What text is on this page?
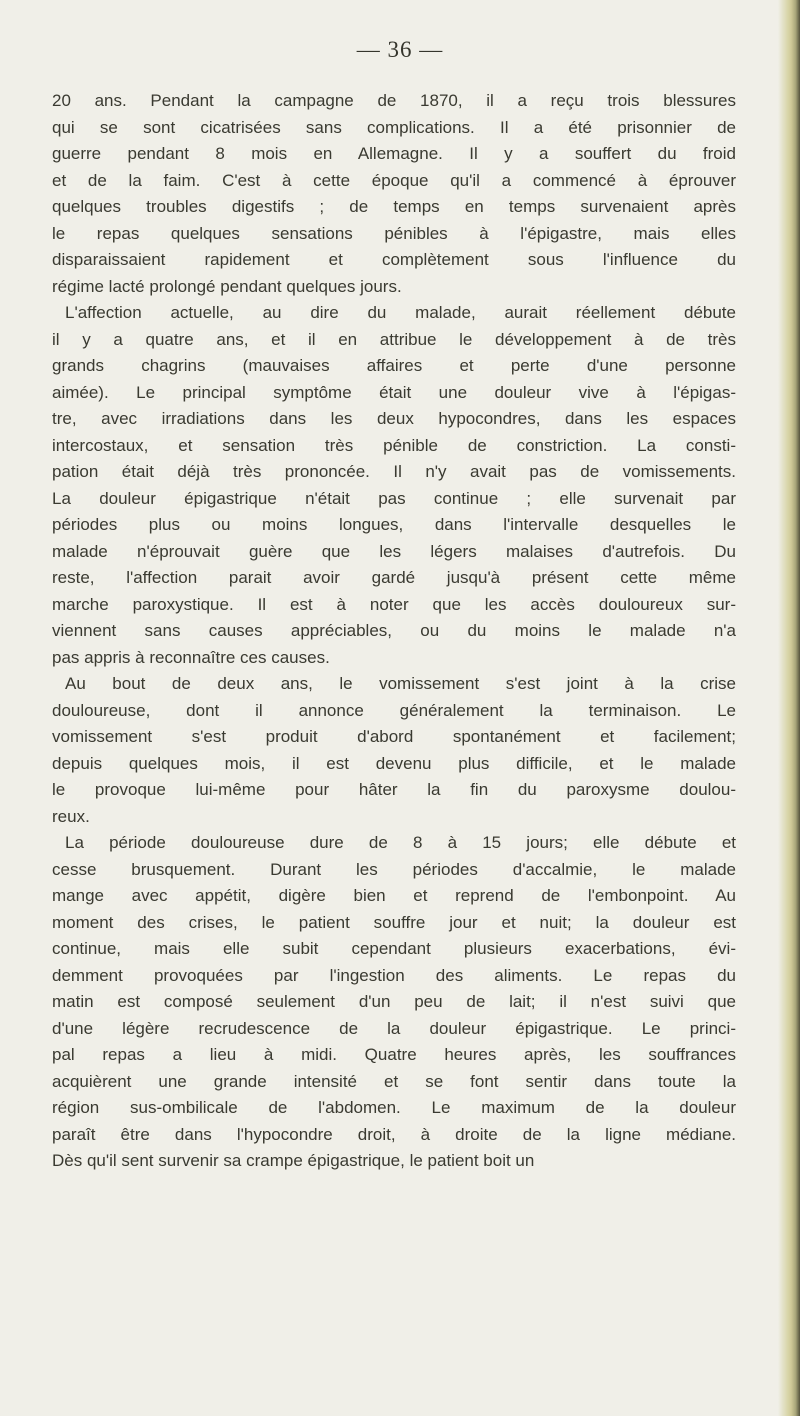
— 36 —
20 ans. Pendant la campagne de 1870, il a reçu trois blessures
qui se sont cicatrisées sans complications. Il a été prisonnier de
guerre pendant 8 mois en Allemagne. Il y a souffert du froid
et de la faim. C'est à cette époque qu'il a commencé à éprouver
quelques troubles digestifs ; de temps en temps survenaient après
le repas quelques sensations pénibles à l'épigastre, mais elles
disparaissaient rapidement et complètement sous l'influence du
régime lacté prolongé pendant quelques jours.
L'affection actuelle, au dire du malade, aurait réellement débute
il y a quatre ans, et il en attribue le développement à de très
grands chagrins (mauvaises affaires et perte d'une personne
aimée). Le principal symptôme était une douleur vive à l'épigas-
tre, avec irradiations dans les deux hypocondres, dans les espaces
intercostaux, et sensation très pénible de constriction. La consti-
pation était déjà très prononcée. Il n'y avait pas de vomissements.
La douleur épigastrique n'était pas continue ; elle survenait par
périodes plus ou moins longues, dans l'intervalle desquelles le
malade n'éprouvait guère que les légers malaises d'autrefois. Du
reste, l'affection parait avoir gardé jusqu'à présent cette même
marche paroxystique. Il est à noter que les accès douloureux sur-
viennent sans causes appréciables, ou du moins le malade n'a
pas appris à reconnaître ces causes.
Au bout de deux ans, le vomissement s'est joint à la crise
douloureuse, dont il annonce généralement la terminaison. Le
vomissement s'est produit d'abord spontanément et facilement;
depuis quelques mois, il est devenu plus difficile, et le malade
le provoque lui-même pour hâter la fin du paroxysme doulou-
reux.
La période douloureuse dure de 8 à 15 jours; elle débute et
cesse brusquement. Durant les périodes d'accalmie, le malade
mange avec appétit, digère bien et reprend de l'embonpoint. Au
moment des crises, le patient souffre jour et nuit; la douleur est
continue, mais elle subit cependant plusieurs exacerbations, évi-
demment provoquées par l'ingestion des aliments. Le repas du
matin est composé seulement d'un peu de lait; il n'est suivi que
d'une légère recrudescence de la douleur épigastrique. Le princi-
pal repas a lieu à midi. Quatre heures après, les souffrances
acquièrent une grande intensité et se font sentir dans toute la
région sus-ombilicale de l'abdomen. Le maximum de la douleur
paraît être dans l'hypocondre droit, à droite de la ligne médiane.
Dès qu'il sent survenir sa crampe épigastrique, le patient boit un
